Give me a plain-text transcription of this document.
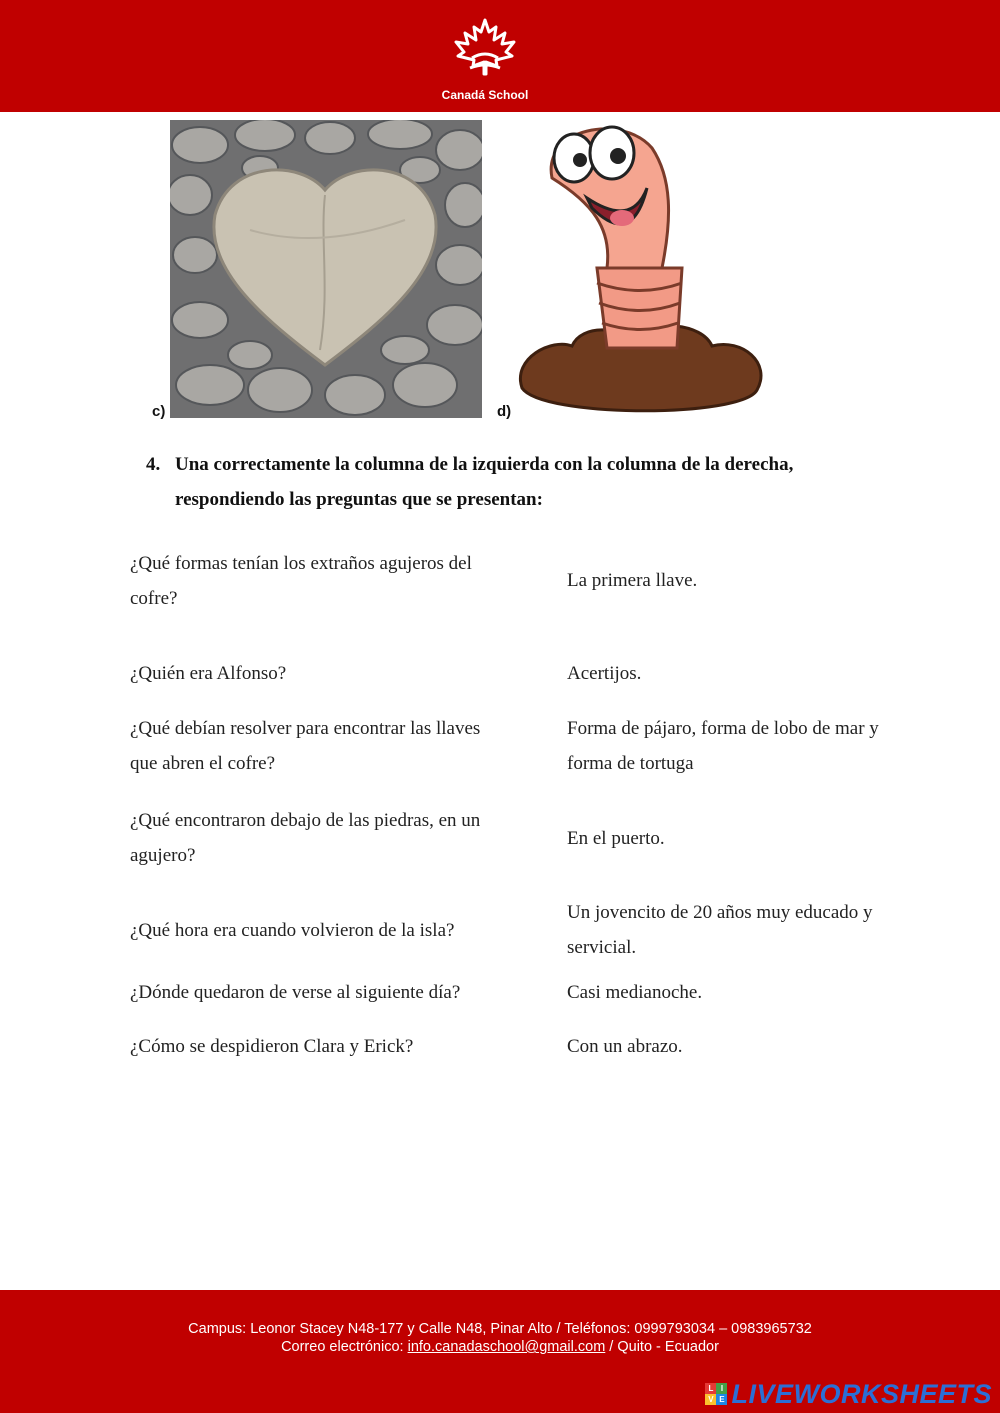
Canadá School
c)	d)
4. Una correctamente la columna de la izquierda con la columna de la derecha, respondiendo las preguntas que se presentan:
¿Qué formas tenían los extraños agujeros del cofre?
¿Quién era Alfonso?
¿Qué debían resolver para encontrar las llaves que abren el cofre?
¿Qué encontraron debajo de las piedras, en un agujero?
¿Qué hora era cuando volvieron de la isla?
¿Dónde quedaron de verse al siguiente día?
¿Cómo se despidieron Clara y Erick?
La primera llave.
Acertijos.
Forma de pájaro, forma de lobo de mar y forma de tortuga
En el puerto.
Un jovencito de 20 años muy educado y servicial.
Casi medianoche.
Con un abrazo.
Campus: Leonor Stacey N48-177 y Calle N48, Pinar Alto / Teléfonos: 0999793034 – 0983965732
Correo electrónico: info.canadaschool@gmail.com / Quito - Ecuador
L I
V E LIVEWORKSHEETS
